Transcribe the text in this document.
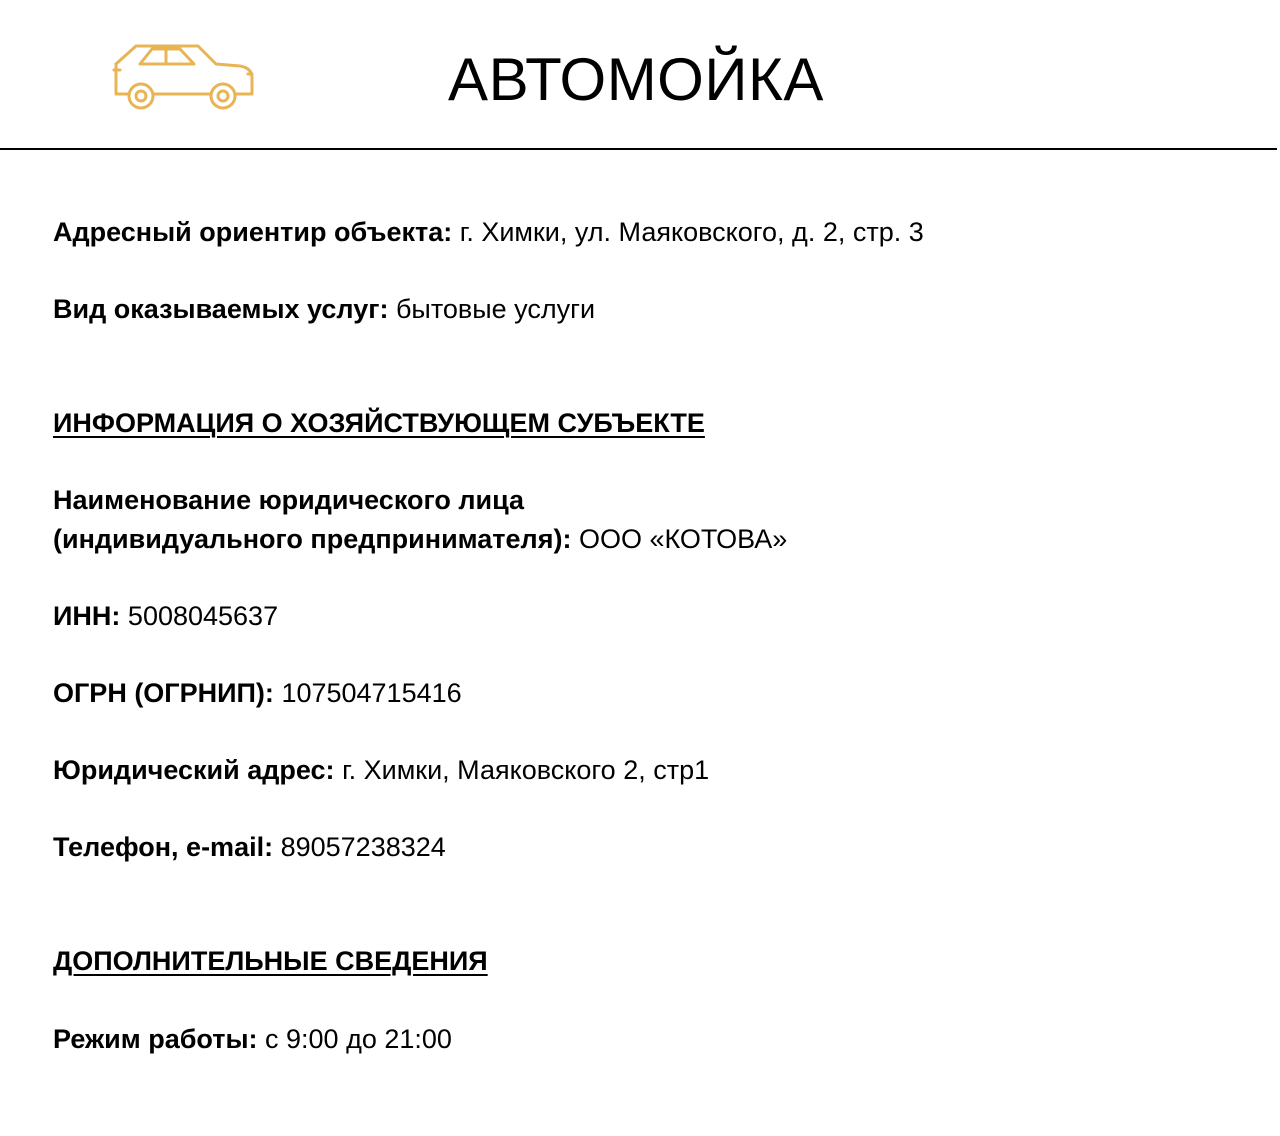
АВТОМОЙКА
Адресный ориентир объекта: г. Химки, ул. Маяковского, д. 2, стр. 3
Вид оказываемых услуг: бытовые услуги
ИНФОРМАЦИЯ О ХОЗЯЙСТВУЮЩЕМ СУБЪЕКТЕ
Наименование юридического лица
(индивидуального предпринимателя): ООО «КОТОВА»
ИНН: 5008045637
ОГРН (ОГРНИП): 107504715416
Юридический адрес: г. Химки, Маяковского 2, стр1
Телефон, e-mail: 89057238324
ДОПОЛНИТЕЛЬНЫЕ СВЕДЕНИЯ
Режим работы: с 9:00 до 21:00
